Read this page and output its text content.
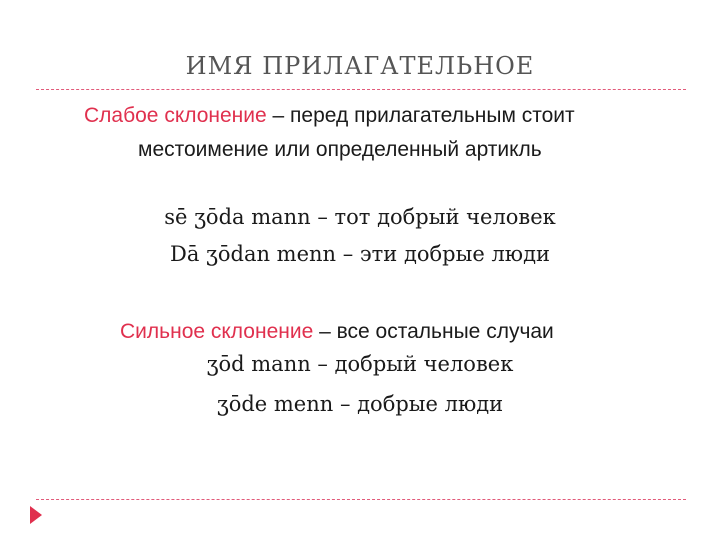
ИМЯ ПРИЛАГАТЕЛЬНОЕ
Слабое склонение – перед прилагательным стоит
местоимение или определенный артикль
sē ʒōda mann – тот добрый человек
Dā ʒōdan menn – эти добрые люди
Сильное склонение – все остальные случаи
ʒōd mann – добрый человек
ʒōde menn – добрые люди
